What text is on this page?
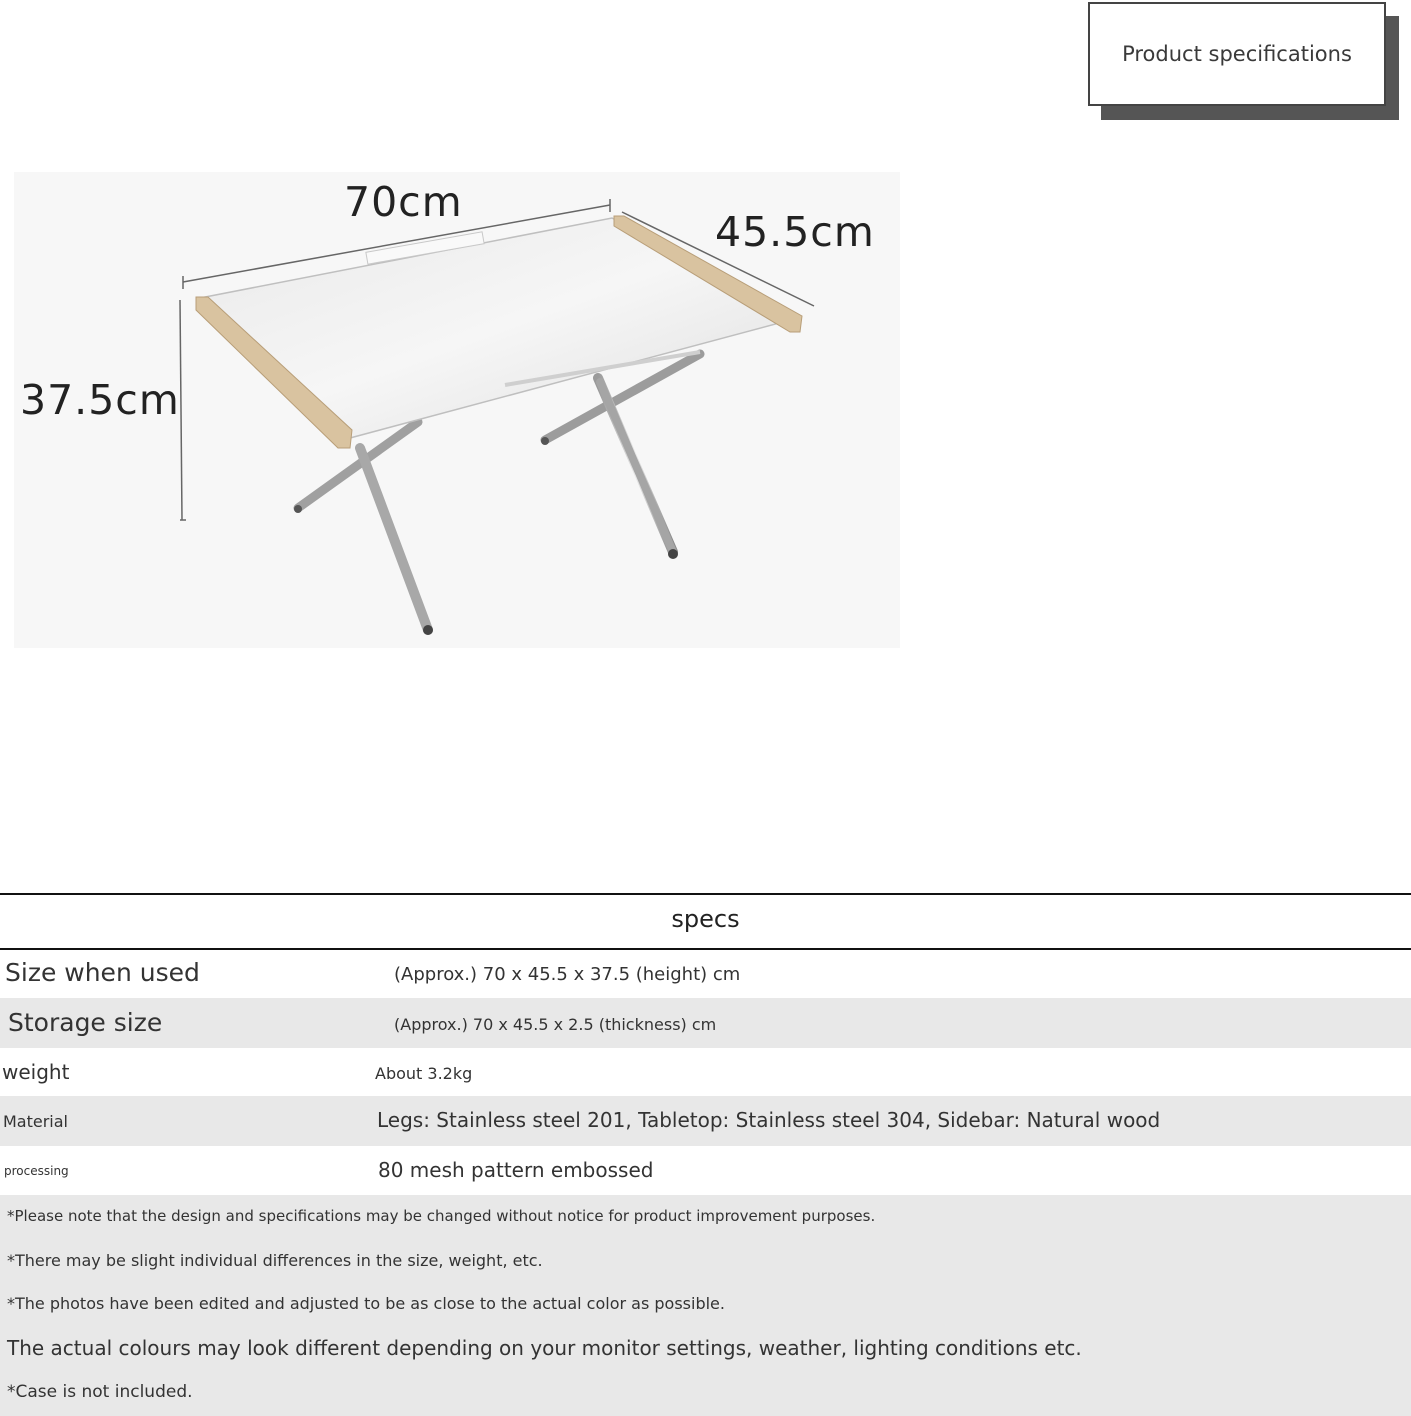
Product specifications
70cm
45.5cm
37.5cm
specs
Size when used	(Approx.) 70 x 45.5 x 37.5 (height) cm
Storage size	(Approx.) 70 x 45.5 x 2.5 (thickness) cm
weight	About 3.2kg
Material	Legs: Stainless steel 201, Tabletop: Stainless steel 304, Sidebar: Natural wood
processing	80 mesh pattern embossed
*Please note that the design and specifications may be changed without notice for product improvement purposes.
*There may be slight individual differences in the size, weight, etc.
*The photos have been edited and adjusted to be as close to the actual color as possible.
The actual colours may look different depending on your monitor settings, weather, lighting conditions etc.
*Case is not included.
